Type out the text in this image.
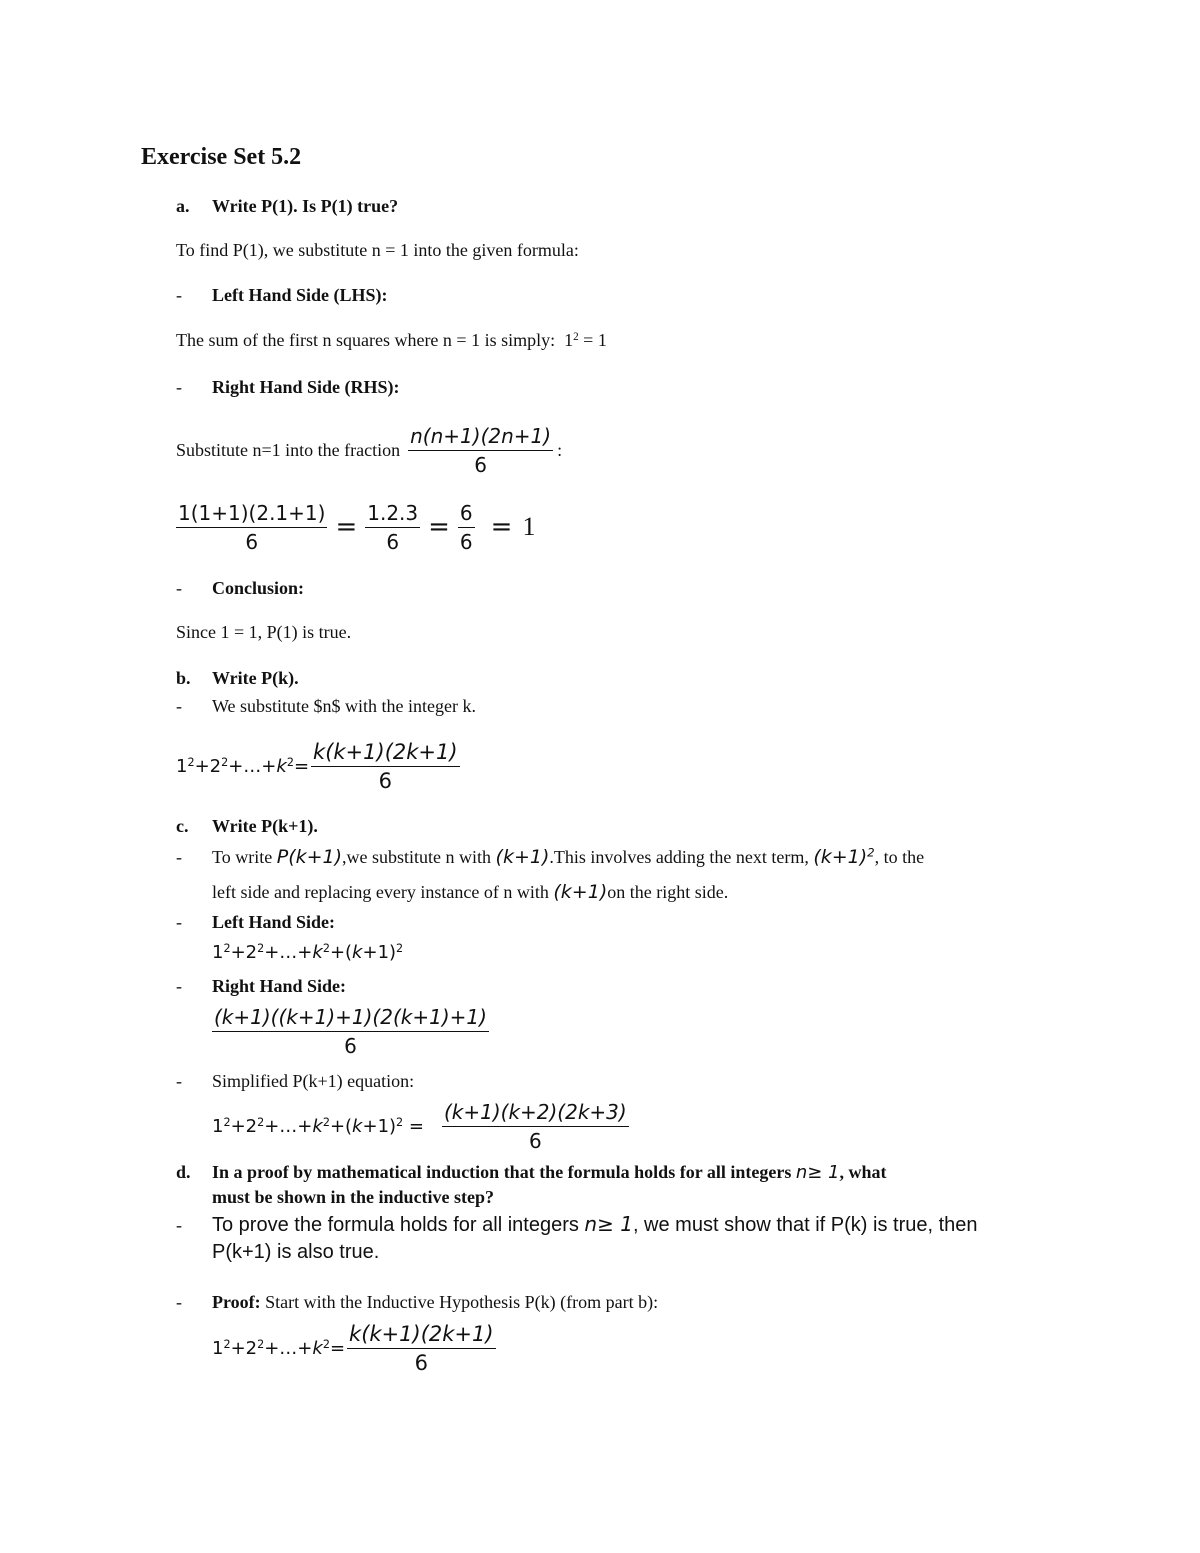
Exercise Set 5.2
a. Write P(1). Is P(1) true?
To find P(1), we substitute n = 1 into the given formula:
- Left Hand Side (LHS):
The sum of the first n squares where n = 1 is simply:  $1^2 = 1$
- Right Hand Side (RHS):
Substitute n=1 into the fraction $\frac{n(n+1)(2n+1)}{6}$ :
$\frac{1(1+1)(2.1+1)}{6} = \frac{1.2.3}{6} = \frac{6}{6} = 1$
- Conclusion:
Since 1 = 1, P(1) is true.
b. Write P(k).
- We substitute $n$ with the integer k.
$1^2+2^2+\dots+k^2= \frac{k(k+1)(2k+1)}{6}$
c. Write P(k+1).
- To write P(k+1),we substitute n with (k+1).This involves adding the next term, $(k+1)^2$, to the
left side and replacing every instance of n with (k+1)on the right side.
- Left Hand Side:
$1^2+2^2+\dots+k^2+(k+1)^2$
- Right Hand Side:
$\frac{(k+1)((k+1)+1)(2(k+1)+1)}{6}$
- Simplified P(k+1) equation:
$1^2+2^2+\dots+k^2+(k+1)^2 = \frac{(k+1)(k+2)(2k+3)}{6}$
d. In a proof by mathematical induction that the formula holds for all integers n≥ 1, what
must be shown in the inductive step?
- To prove the formula holds for all integers n≥ 1, we must show that if P(k) is true, then
P(k+1) is also true.
- Proof: Start with the Inductive Hypothesis P(k) (from part b):
$1^2+2^2+\dots+k^2= \frac{k(k+1)(2k+1)}{6}$
